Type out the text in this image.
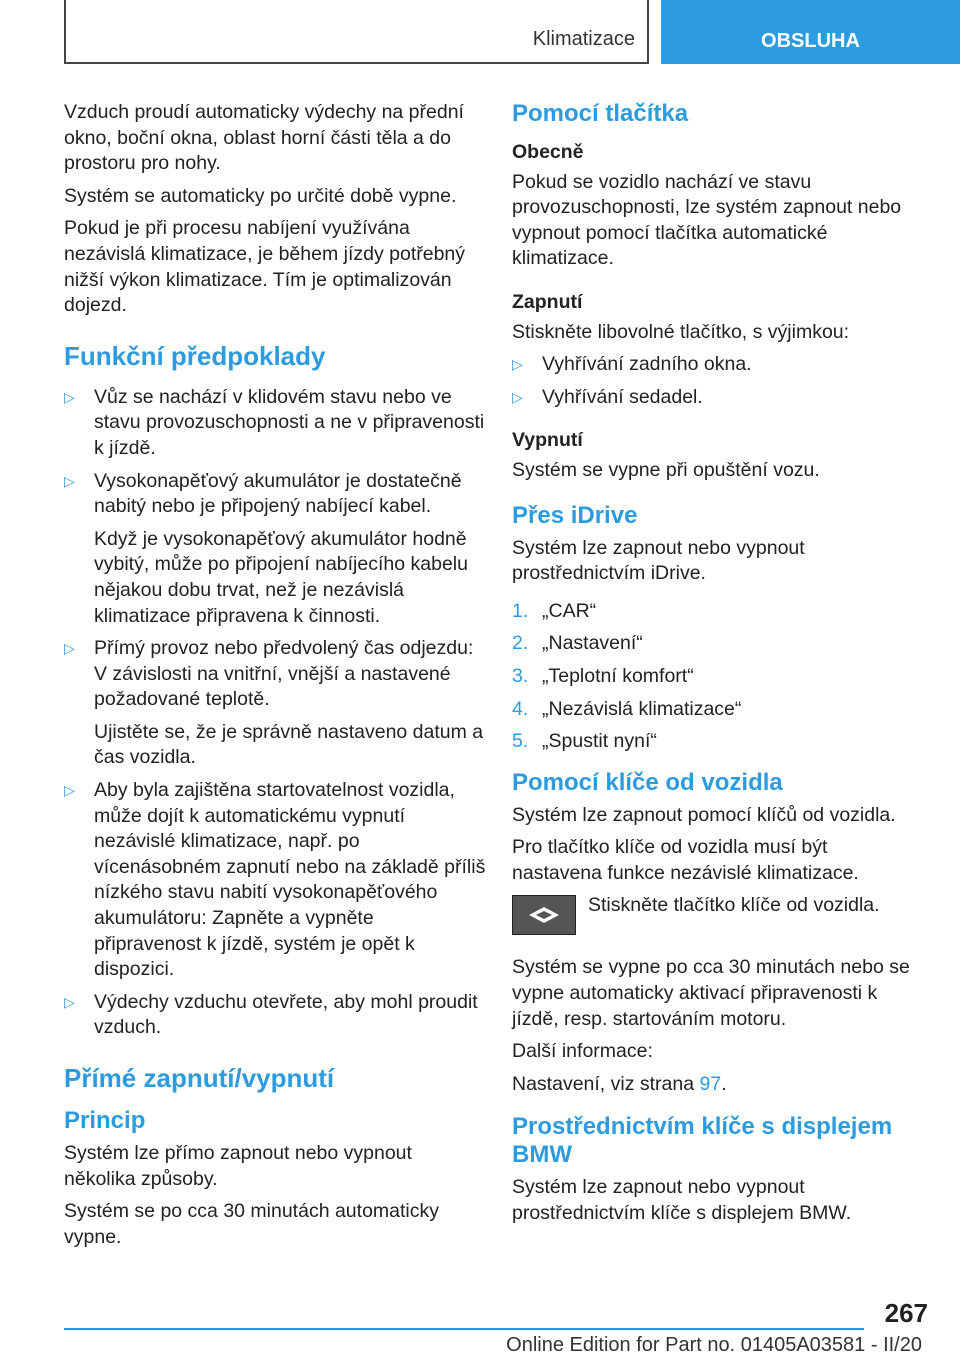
Klimatizace	OBSLUHA

Vzduch proudí automaticky výdechy na přední okno, boční okna, oblast horní části těla a do prostoru pro nohy.

Systém se automaticky po určité době vypne.

Pokud je při procesu nabíjení využívána nezávislá klimatizace, je během jízdy potřebný nižší výkon klimatizace. Tím je optimalizován dojezd.

Funkční předpoklady
▷ Vůz se nachází v klidovém stavu nebo ve stavu provozuschopnosti a ne v připravenosti k jízdě.
▷ Vysokonapěťový akumulátor je dostatečně nabitý nebo je připojený nabíjecí kabel.
Když je vysokonapěťový akumulátor hodně vybitý, může po připojení nabíjecího kabelu nějakou dobu trvat, než je nezávislá klimatizace připravena k činnosti.
▷ Přímý provoz nebo předvolený čas odjezdu: V závislosti na vnitřní, vnější a nastavené požadované teplotě.
Ujistěte se, že je správně nastaveno datum a čas vozidla.
▷ Aby byla zajištěna startovatelnost vozidla, může dojít k automatickému vypnutí nezávislé klimatizace, např. po vícenásobném zapnutí nebo na základě příliš nízkého stavu nabití vysokonapěťového akumulátoru: Zapněte a vypněte připravenost k jízdě, systém je opět k dispozici.
▷ Výdechy vzduchu otevřete, aby mohl proudit vzduch.
Přímé zapnutí/vypnutí
Princip

Systém lze přímo zapnout nebo vypnout několika způsoby.

Systém se po cca 30 minutách automaticky vypne.

Pomocí tlačítka
Obecně

Pokud se vozidlo nachází ve stavu provozuschopnosti, lze systém zapnout nebo vypnout pomocí tlačítka automatické klimatizace.

Zapnutí

Stiskněte libovolné tlačítko, s výjimkou:

▷ Vyhřívání zadního okna.
▷ Vyhřívání sedadel.
Vypnutí

Systém se vypne při opuštění vozu.

Přes iDrive

Systém lze zapnout nebo vypnout prostřednictvím iDrive.

1. „CAR“
2. „Nastavení“
3. „Teplotní komfort“
4. „Nezávislá klimatizace“
5. „Spustit nyní“
Pomocí klíče od vozidla

Systém lze zapnout pomocí klíčů od vozidla.

Pro tlačítko klíče od vozidla musí být nastavena funkce nezávislé klimatizace.

Stiskněte tlačítko klíče od vozidla.

Systém se vypne po cca 30 minutách nebo se vypne automaticky aktivací připravenosti k jízdě, resp. startováním motoru.

Další informace:

Nastavení, viz strana 97.

Prostřednictvím klíče s displejem BMW

Systém lze zapnout nebo vypnout prostřednictvím klíče s displejem BMW.

267
Online Edition for Part no. 01405A03581 - II/20
